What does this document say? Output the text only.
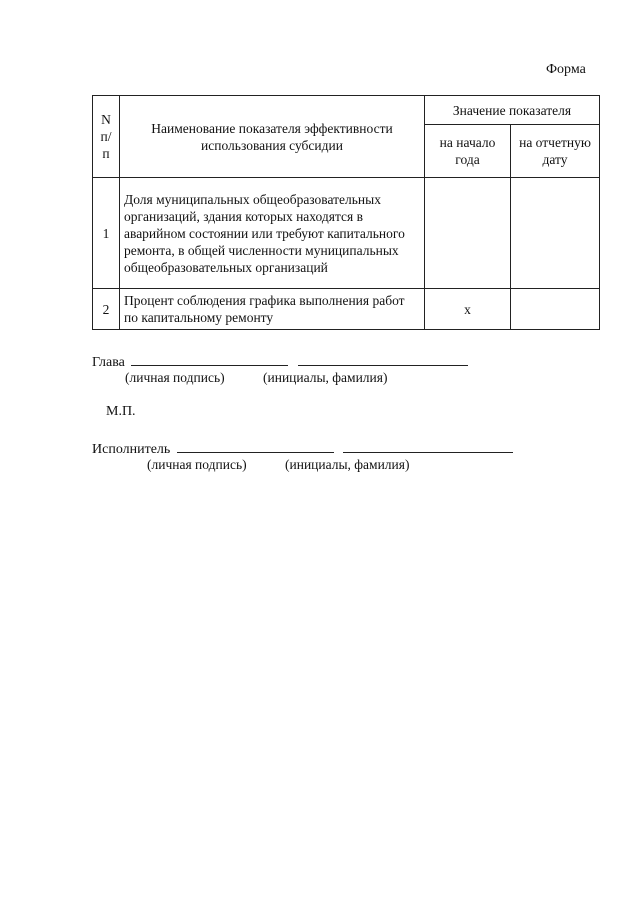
Форма
N п/п	Наименование показателя эффективности использования субсидии	Значение показателя	
		на начало года	на отчетную дату
1	Доля муниципальных общеобразовательных организаций, здания которых находятся в аварийном состоянии или требуют капитального ремонта, в общей численности муниципальных общеобразовательных организаций		
2	Процент соблюдения графика выполнения работ по капитальному ремонту	x	
Глава
(личная подпись)	(инициалы, фамилия)
М.П.
Исполнитель
(личная подпись)	(инициалы, фамилия)
